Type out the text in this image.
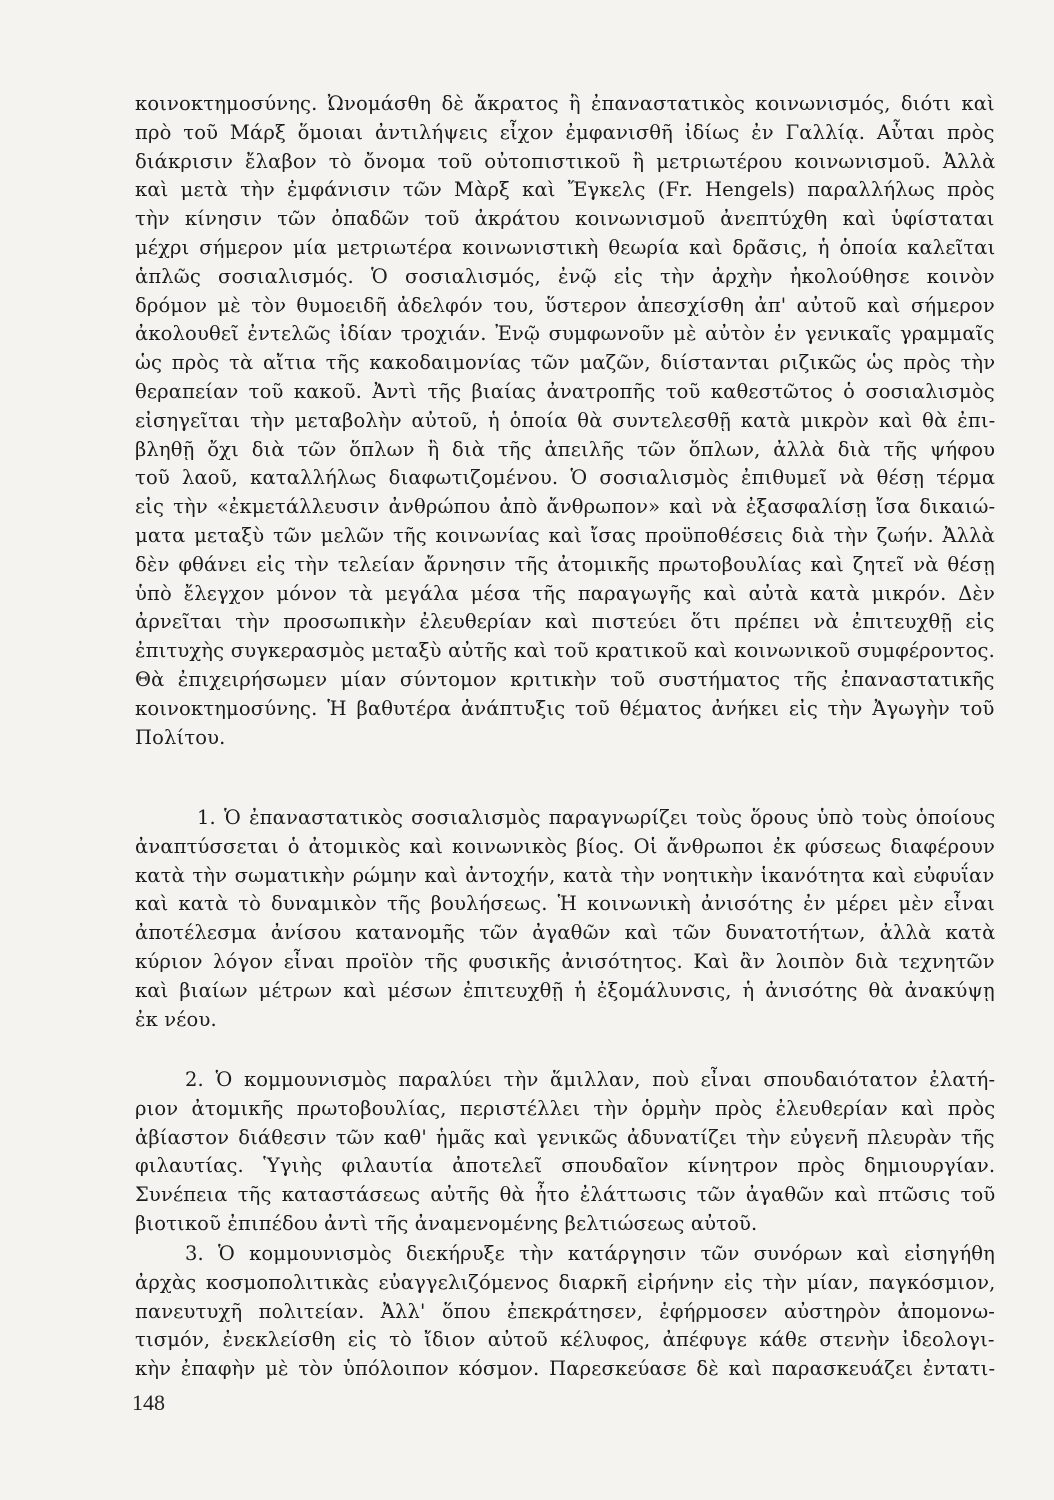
κοινοκτημοσύνης. Ὠνομάσθη δὲ ἄκρατος ἢ ἐπαναστατικὸς κοινωνισμός, διότι καὶ
πρὸ τοῦ Μάρξ ὅμοιαι ἀντιλήψεις εἶχον ἐμφανισθῆ ἰδίως ἐν Γαλλίᾳ. Αὗται πρὸς
διάκρισιν ἔλαβον τὸ ὄνομα τοῦ οὐτοπιστικοῦ ἢ μετριωτέρου κοινωνισμοῦ. Ἀλλὰ
καὶ μετὰ τὴν ἐμφάνισιν τῶν Μὰρξ καὶ Ἔγκελς (Fr. Hengels) παραλλήλως πρὸς
τὴν κίνησιν τῶν ὀπαδῶν τοῦ ἀκράτου κοινωνισμοῦ ἀνεπτύχθη καὶ ὑφίσταται
μέχρι σήμερον μία μετριωτέρα κοινωνιστικὴ θεωρία καὶ δρᾶσις, ἡ ὁποία καλεῖται
ἁπλῶς σοσιαλισμός. Ὁ σοσιαλισμός, ἐνῷ εἰς τὴν ἀρχὴν ἠκολούθησε κοινὸν
δρόμον μὲ τὸν θυμοειδῆ ἀδελφόν του, ὕστερον ἀπεσχίσθη ἀπ' αὐτοῦ καὶ σήμερον
ἀκολουθεῖ ἐντελῶς ἰδίαν τροχιάν. Ἐνῷ συμφωνοῦν μὲ αὐτὸν ἐν γενικαῖς γραμμαῖς
ὡς πρὸς τὰ αἴτια τῆς κακοδαιμονίας τῶν μαζῶν, διίστανται ριζικῶς ὡς πρὸς τὴν
θεραπείαν τοῦ κακοῦ. Ἀντὶ τῆς βιαίας ἀνατροπῆς τοῦ καθεστῶτος ὁ σοσιαλισμὸς
εἰσηγεῖται τὴν μεταβολὴν αὐτοῦ, ἡ ὁποία θὰ συντελεσθῇ κατὰ μικρὸν καὶ θὰ ἐπι-
βληθῇ ὄχι διὰ τῶν ὅπλων ἢ διὰ τῆς ἀπειλῆς τῶν ὅπλων, ἀλλὰ διὰ τῆς ψήφου
τοῦ λαοῦ, καταλλήλως διαφωτιζομένου. Ὁ σοσιαλισμὸς ἐπιθυμεῖ νὰ θέσῃ τέρμα
εἰς τὴν «ἐκμετάλλευσιν ἀνθρώπου ἀπὸ ἄνθρωπον» καὶ νὰ ἐξασφαλίσῃ ἴσα δικαιώ-
ματα μεταξὺ τῶν μελῶν τῆς κοινωνίας καὶ ἴσας προϋποθέσεις διὰ τὴν ζωήν. Ἀλλὰ
δὲν φθάνει εἰς τὴν τελείαν ἄρνησιν τῆς ἀτομικῆς πρωτοβουλίας καὶ ζητεῖ νὰ θέσῃ
ὑπὸ ἔλεγχον μόνον τὰ μεγάλα μέσα τῆς παραγωγῆς καὶ αὐτὰ κατὰ μικρόν. Δὲν
ἀρνεῖται τὴν προσωπικὴν ἐλευθερίαν καὶ πιστεύει ὅτι πρέπει νὰ ἐπιτευχθῇ εἰς
ἐπιτυχὴς συγκερασμὸς μεταξὺ αὐτῆς καὶ τοῦ κρατικοῦ καὶ κοινωνικοῦ συμφέροντος.
Θὰ ἐπιχειρήσωμεν μίαν σύντομον κριτικὴν τοῦ συστήματος τῆς ἐπαναστατικῆς
κοινοκτημοσύνης. Ἡ βαθυτέρα ἀνάπτυξις τοῦ θέματος ἀνήκει εἰς τὴν Ἀγωγὴν τοῦ
Πολίτου.
1. Ὁ ἐπαναστατικὸς σοσιαλισμὸς παραγνωρίζει τοὺς ὅρους ὑπὸ τοὺς ὁποίους
ἀναπτύσσεται ὁ ἀτομικὸς καὶ κοινωνικὸς βίος. Οἱ ἄνθρωποι ἐκ φύσεως διαφέρουν
κατὰ τὴν σωματικὴν ρώμην καὶ ἀντοχήν, κατὰ τὴν νοητικὴν ἱκανότητα καὶ εὐφυΐαν
καὶ κατὰ τὸ δυναμικὸν τῆς βουλήσεως. Ἡ κοινωνικὴ ἀνισότης ἐν μέρει μὲν εἶναι
ἀποτέλεσμα ἀνίσου κατανομῆς τῶν ἀγαθῶν καὶ τῶν δυνατοτήτων, ἀλλὰ κατὰ
κύριον λόγον εἶναι προϊὸν τῆς φυσικῆς ἀνισότητος. Καὶ ἂν λοιπὸν διὰ τεχνητῶν
καὶ βιαίων μέτρων καὶ μέσων ἐπιτευχθῇ ἡ ἐξομάλυνσις, ἡ ἀνισότης θὰ ἀνακύψῃ
ἐκ νέου.
2. Ὁ κομμουνισμὸς παραλύει τὴν ἅμιλλαν, ποὺ εἶναι σπουδαιότατον ἐλατή-
ριον ἀτομικῆς πρωτοβουλίας, περιστέλλει τὴν ὁρμὴν πρὸς ἐλευθερίαν καὶ πρὸς
ἀβίαστον διάθεσιν τῶν καθ' ἡμᾶς καὶ γενικῶς ἀδυνατίζει τὴν εὐγενῆ πλευρὰν τῆς
φιλαυτίας. Ὑγιὴς φιλαυτία ἀποτελεῖ σπουδαῖον κίνητρον πρὸς δημιουργίαν.
Συνέπεια τῆς καταστάσεως αὐτῆς θὰ ἦτο ἐλάττωσις τῶν ἀγαθῶν καὶ πτῶσις τοῦ
βιοτικοῦ ἐπιπέδου ἀντὶ τῆς ἀναμενομένης βελτιώσεως αὐτοῦ.
3. Ὁ κομμουνισμὸς διεκήρυξε τὴν κατάργησιν τῶν συνόρων καὶ εἰσηγήθη
ἀρχὰς κοσμοπολιτικὰς εὐαγγελιζόμενος διαρκῆ εἰρήνην εἰς τὴν μίαν, παγκόσμιον,
πανευτυχῆ πολιτείαν. Ἀλλ' ὅπου ἐπεκράτησεν, ἐφήρμοσεν αὐστηρὸν ἀπομονω-
τισμόν, ἐνεκλείσθη εἰς τὸ ἴδιον αὐτοῦ κέλυφος, ἀπέφυγε κάθε στενὴν ἰδεολογι-
κὴν ἐπαφὴν μὲ τὸν ὑπόλοιπον κόσμον. Παρεσκεύασε δὲ καὶ παρασκευάζει ἐντατι-
148
